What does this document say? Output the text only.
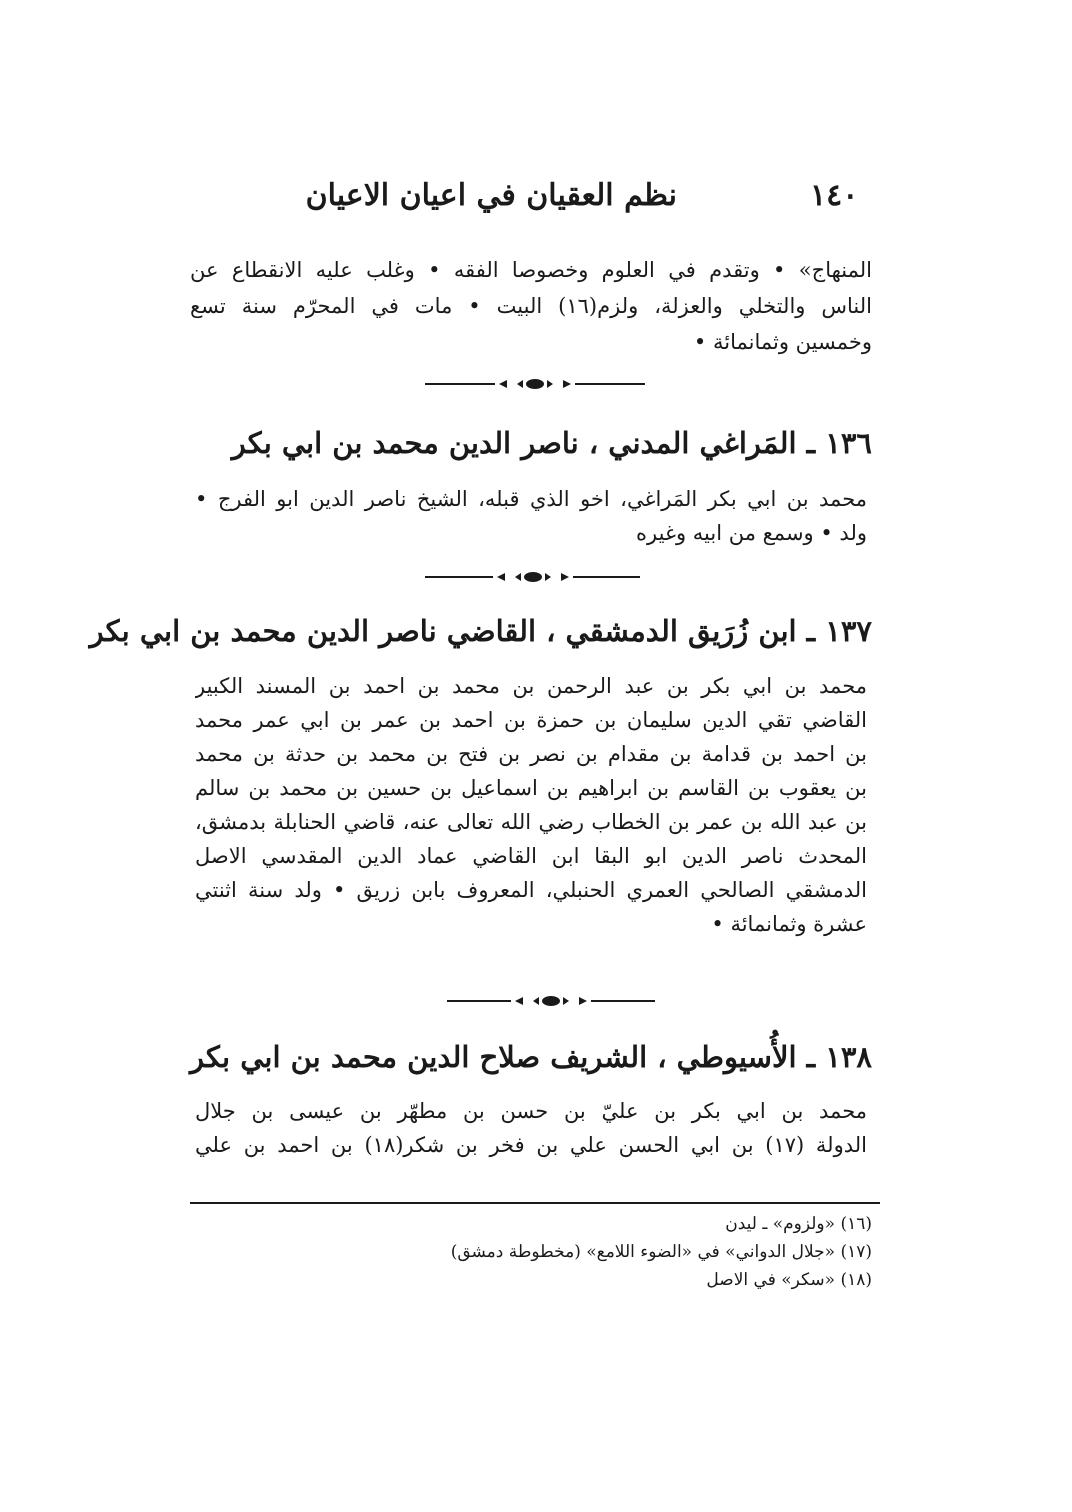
١٤٠
نظم العقيان في اعيان الاعيان
المنهاج» • وتقدم في العلوم وخصوصا الفقه • وغلب عليه الانقطاع عن
الناس والتخلي والعزلة، ولزم(١٦) البيت • مات في المحرّم سنة تسع
وخمسين وثمانمائة •
١٣٦ ـ المَراغي المدني ، ناصر الدين محمد بن ابي بكر
محمد بن ابي بكر المَراغي، اخو الذي قبله، الشيخ ناصر الدين ابو الفرج •
ولد • وسمع من ابيه وغيره
١٣٧ ـ ابن زُرَيق الدمشقي ، القاضي ناصر الدين محمد بن ابي بكر
محمد بن ابي بكر بن عبد الرحمن بن محمد بن احمد بن المسند الكبير
القاضي تقي الدين سليمان بن حمزة بن احمد بن عمر بن ابي عمر محمد
بن احمد بن قدامة بن مقدام بن نصر بن فتح بن محمد بن حدثة بن محمد
بن يعقوب بن القاسم بن ابراهيم بن اسماعيل بن حسين بن محمد بن سالم
بن عبد الله بن عمر بن الخطاب رضي الله تعالى عنه، قاضي الحنابلة بدمشق،
المحدث ناصر الدين ابو البقا ابن القاضي عماد الدين المقدسي الاصل
الدمشقي الصالحي العمري الحنبلي، المعروف بابن زريق • ولد سنة اثنتي
عشرة وثمانمائة •
١٣٨ ـ الأُسيوطي ، الشريف صلاح الدين محمد بن ابي بكر
محمد بن ابي بكر بن عليّ بن حسن بن مطهّر بن عيسى بن جلال
الدولة (١٧) بن ابي الحسن علي بن فخر بن شكر(١٨) بن احمد بن علي
(١٦) «ولزوم» ـ ليدن
(١٧) «جلال الدواني» في «الضوء اللامع» (مخطوطة دمشق)
(١٨) «سكر» في الاصل
